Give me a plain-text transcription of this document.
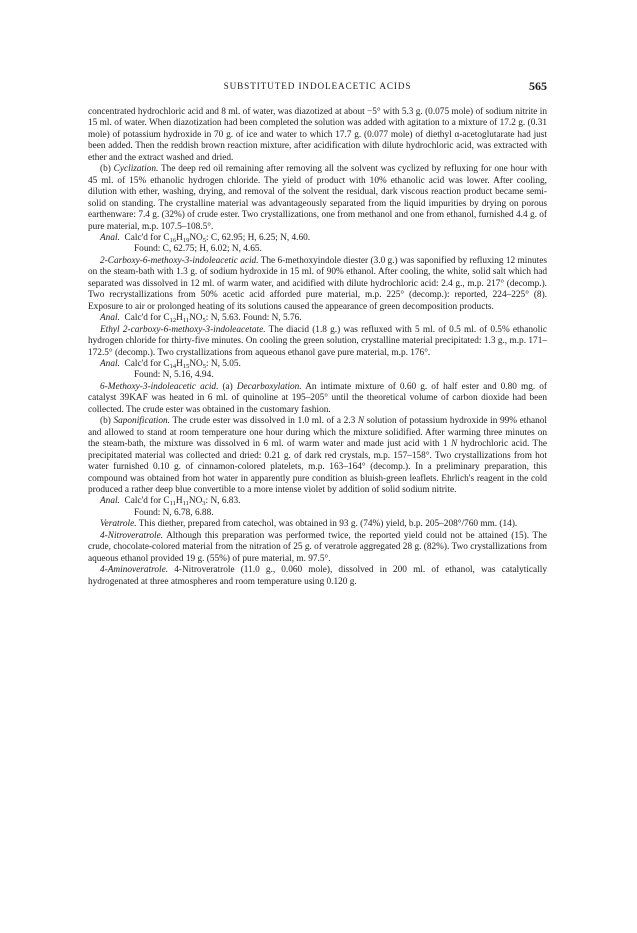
SUBSTITUTED INDOLEACETIC ACIDS	565
concentrated hydrochloric acid and 8 ml. of water, was diazotized at about −5° with 5.3 g. (0.075 mole) of sodium nitrite in 15 ml. of water. When diazotization had been completed the solution was added with agitation to a mixture of 17.2 g. (0.31 mole) of potassium hydroxide in 70 g. of ice and water to which 17.7 g. (0.077 mole) of diethyl α-acetoglutarate had just been added. Then the reddish brown reaction mixture, after acidification with dilute hydrochloric acid, was extracted with ether and the extract washed and dried.
(b) Cyclization. The deep red oil remaining after removing all the solvent was cyclized by refluxing for one hour with 45 ml. of 15% ethanolic hydrogen chloride. The yield of product with 10% ethanolic acid was lower. After cooling, dilution with ether, washing, drying, and removal of the solvent the residual, dark viscous reaction product became semi-solid on standing. The crystalline material was advantageously separated from the liquid impurities by drying on porous earthenware: 7.4 g. (32%) of crude ester. Two crystallizations, one from methanol and one from ethanol, furnished 4.4 g. of pure material, m.p. 107.5–108.5°.
Anal. Calc'd for $C_{16}H_{19}NO_5$: C, 62.95; H, 6.25; N, 4.60.
Found: C, 62.75; H, 6.02; N, 4.65.
2-Carboxy-6-methoxy-3-indoleacetic acid. The 6-methoxyindole diester (3.0 g.) was saponified by refluxing 12 minutes on the steam-bath with 1.3 g. of sodium hydroxide in 15 ml. of 90% ethanol. After cooling, the white, solid salt which had separated was dissolved in 12 ml. of warm water, and acidified with dilute hydrochloric acid: 2.4 g., m.p. 217° (decomp.). Two recrystallizations from 50% acetic acid afforded pure material, m.p. 225° (decomp.): reported, 224–225° (8). Exposure to air or prolonged heating of its solutions caused the appearance of green decomposition products.
Anal. Calc'd for $C_{12}H_{11}NO_5$: N, 5.63. Found: N, 5.76.
Ethyl 2-carboxy-6-methoxy-3-indoleacetate. The diacid (1.8 g.) was refluxed with 5 ml. of 0.5 ml. of 0.5% ethanolic hydrogen chloride for thirty-five minutes. On cooling the green solution, crystalline material precipitated: 1.3 g., m.p. 171–172.5° (decomp.). Two crystallizations from aqueous ethanol gave pure material, m.p. 176°.
Anal. Calc'd for $C_{14}H_{15}NO_5$: N, 5.05.
Found: N, 5.16, 4.94.
6-Methoxy-3-indoleacetic acid. (a) Decarboxylation. An intimate mixture of 0.60 g. of half ester and 0.80 mg. of catalyst 39KAF was heated in 6 ml. of quinoline at 195–205° until the theoretical volume of carbon dioxide had been collected. The crude ester was obtained in the customary fashion.
(b) Saponification. The crude ester was dissolved in 1.0 ml. of a 2.3 N solution of potassium hydroxide in 99% ethanol and allowed to stand at room temperature one hour during which the mixture solidified. After warming three minutes on the steam-bath, the mixture was dissolved in 6 ml. of warm water and made just acid with 1 N hydrochloric acid. The precipitated material was collected and dried: 0.21 g. of dark red crystals, m.p. 157–158°. Two crystallizations from hot water furnished 0.10 g. of cinnamon-colored platelets, m.p. 163–164° (decomp.). In a preliminary preparation, this compound was obtained from hot water in apparently pure condition as bluish-green leaflets. Ehrlich's reagent in the cold produced a rather deep blue convertible to a more intense violet by addition of solid sodium nitrite.
Anal. Calc'd for $C_{11}H_{11}NO_3$: N, 6.83.
Found: N, 6.78, 6.88.
Veratrole. This diether, prepared from catechol, was obtained in 93 g. (74%) yield, b.p. 205–208°/760 mm. (14).
4-Nitroveratrole. Although this preparation was performed twice, the reported yield could not be attained (15). The crude, chocolate-colored material from the nitration of 25 g. of veratrole aggregated 28 g. (82%). Two crystallizations from aqueous ethanol provided 19 g. (55%) of pure material, m. 97.5°.
4-Aminoveratrole. 4-Nitroveratrole (11.0 g., 0.060 mole), dissolved in 200 ml. of ethanol, was catalytically hydrogenated at three atmospheres and room temperature using 0.120 g.
